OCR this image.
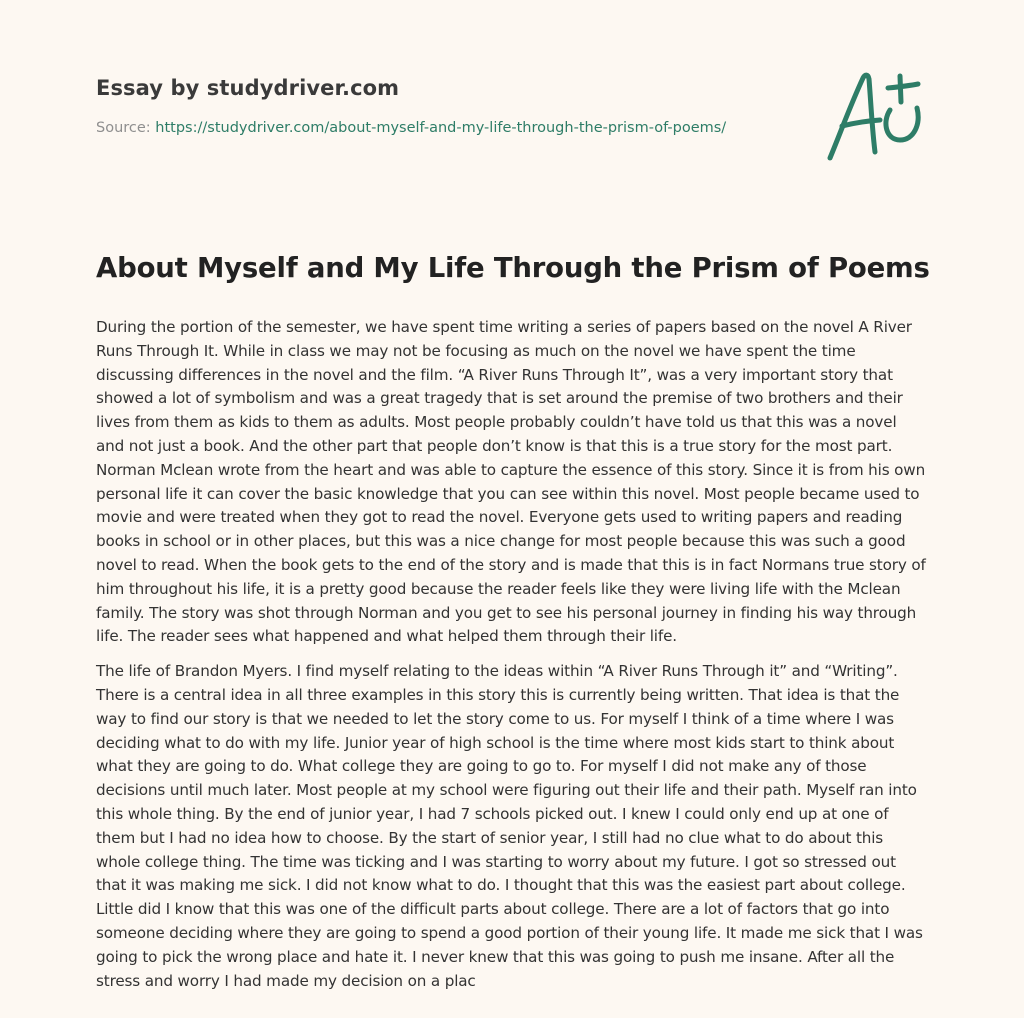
Essay by studydriver.com
Source: https://studydriver.com/about-myself-and-my-life-through-the-prism-of-poems/
About Myself and My Life Through the Prism of Poems

During the portion of the semester, we have spent time writing a series of papers based on the novel A River Runs Through It. While in class we may not be focusing as much on the novel we have spent the time discussing differences in the novel and the film. “A River Runs Through It”, was a very important story that showed a lot of symbolism and was a great tragedy that is set around the premise of two brothers and their lives from them as kids to them as adults. Most people probably couldn’t have told us that this was a novel and not just a book. And the other part that people don’t know is that this is a true story for the most part. Norman Mclean wrote from the heart and was able to capture the essence of this story. Since it is from his own personal life it can cover the basic knowledge that you can see within this novel. Most people became used to movie and were treated when they got to read the novel. Everyone gets used to writing papers and reading books in school or in other places, but this was a nice change for most people because this was such a good novel to read. When the book gets to the end of the story and is made that this is in fact Normans true story of him throughout his life, it is a pretty good because the reader feels like they were living life with the Mclean family. The story was shot through Norman and you get to see his personal journey in finding his way through life. The reader sees what happened and what helped them through their life.

The life of Brandon Myers. I find myself relating to the ideas within “A River Runs Through it” and “Writing”. There is a central idea in all three examples in this story this is currently being written. That idea is that the way to find our story is that we needed to let the story come to us. For myself I think of a time where I was deciding what to do with my life. Junior year of high school is the time where most kids start to think about what they are going to do. What college they are going to go to. For myself I did not make any of those decisions until much later. Most people at my school were figuring out their life and their path. Myself ran into this whole thing. By the end of junior year, I had 7 schools picked out. I knew I could only end up at one of them but I had no idea how to choose. By the start of senior year, I still had no clue what to do about this whole college thing. The time was ticking and I was starting to worry about my future. I got so stressed out that it was making me sick. I did not know what to do. I thought that this was the easiest part about college. Little did I know that this was one of the difficult parts about college. There are a lot of factors that go into someone deciding where they are going to spend a good portion of their young life. It made me sick that I was going to pick the wrong place and hate it. I never knew that this was going to push me insane. After all the stress and worry I had made my decision on a plac
